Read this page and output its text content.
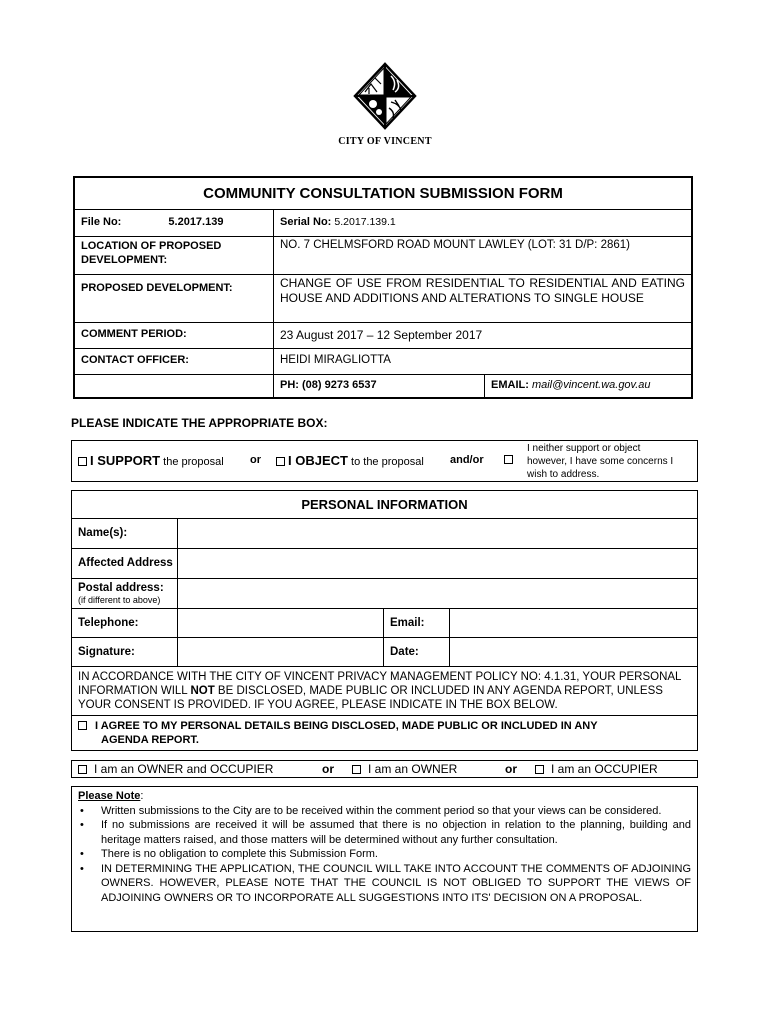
CITY OF VINCENT
COMMUNITY CONSULTATION SUBMISSION FORM
File No:	5.2017.139	Serial No: 5.2017.139.1
LOCATION OF PROPOSED DEVELOPMENT:
NO. 7 CHELMSFORD ROAD MOUNT LAWLEY (LOT: 31 D/P: 2861)
PROPOSED DEVELOPMENT:	CHANGE OF USE FROM RESIDENTIAL TO RESIDENTIAL AND EATING HOUSE AND ADDITIONS AND ALTERATIONS TO SINGLE HOUSE
COMMENT PERIOD:	23 August 2017 – 12 September 2017
CONTACT OFFICER:	HEIDI MIRAGLIOTTA
PH: (08) 9273 6537	EMAIL: mail@vincent.wa.gov.au
PLEASE INDICATE THE APPROPRIATE BOX:
I SUPPORT the proposal or	I OBJECT to the proposal and/or
I neither support or object
however, I have some concerns I
wish to address.
PERSONAL INFORMATION
Name(s):
Affected Address
Postal address:
(if different to above)
Telephone:	Email:
Signature:	Date:
IN ACCORDANCE WITH THE CITY OF VINCENT PRIVACY MANAGEMENT POLICY NO: 4.1.31, YOUR PERSONAL INFORMATION WILL NOT BE DISCLOSED, MADE PUBLIC OR INCLUDED IN ANY AGENDA REPORT, UNLESS YOUR CONSENT IS PROVIDED. IF YOU AGREE, PLEASE INDICATE IN THE BOX BELOW.
I AGREE TO MY PERSONAL DETAILS BEING DISCLOSED, MADE PUBLIC OR INCLUDED IN ANY
AGENDA REPORT.
I am an OWNER and OCCUPIER	or	I am an OWNER	or	I am an OCCUPIER
Please Note:
• Written submissions to the City are to be received within the comment period so that your views can be considered.
• If no submissions are received it will be assumed that there is no objection in relation to the planning, building and heritage matters raised, and those matters will be determined without any further consultation.
• There is no obligation to complete this Submission Form.
• IN DETERMINING THE APPLICATION, THE COUNCIL WILL TAKE INTO ACCOUNT THE COMMENTS OF ADJOINING OWNERS. HOWEVER, PLEASE NOTE THAT THE COUNCIL IS NOT OBLIGED TO SUPPORT THE VIEWS OF ADJOINING OWNERS OR TO INCORPORATE ALL SUGGESTIONS INTO ITS' DECISION ON A PROPOSAL.
